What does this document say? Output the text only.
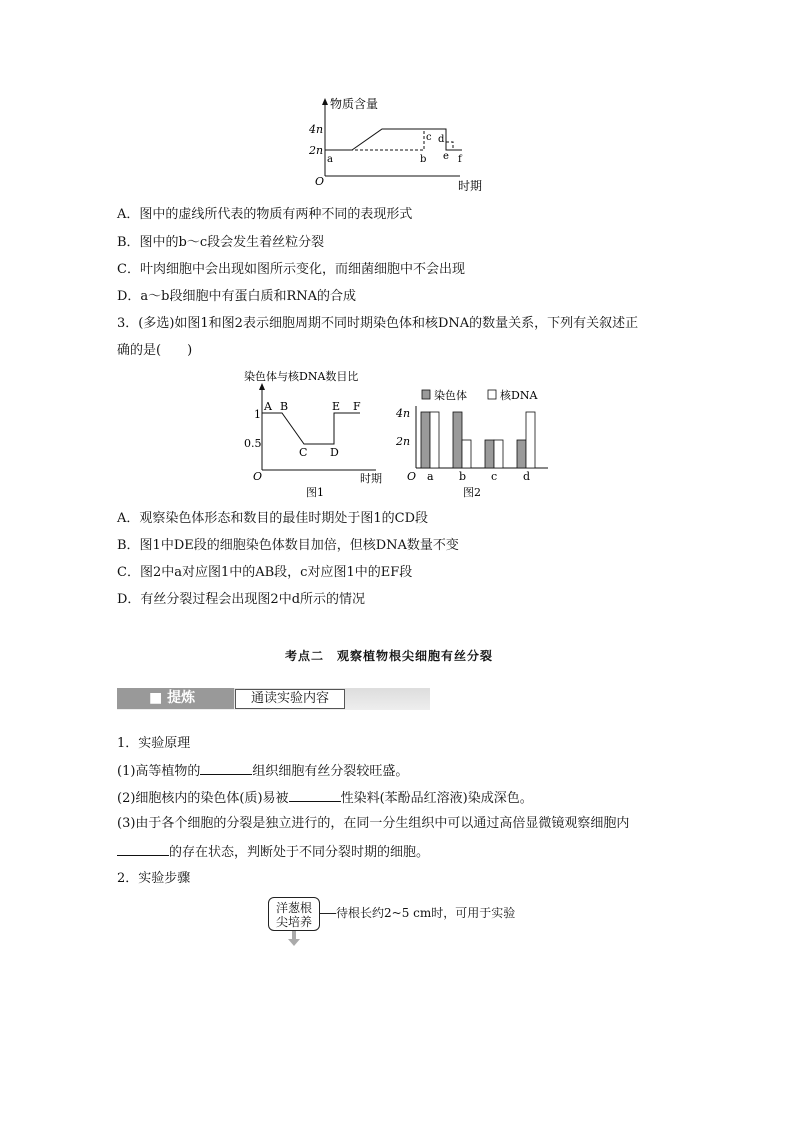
物质含量
时期
O
4n
2n
a	b
c d
e f
A．图中的虚线所代表的物质有两种不同的表现形式
B．图中的b～c段会发生着丝粒分裂
C．叶肉细胞中会出现如图所示变化，而细菌细胞中不会出现
D．a～b段细胞中有蛋白质和RNA的合成
3．(多选)如图1和图2表示细胞周期不同时期染色体和核DNA的数量关系，下列有关叙述正
确的是(　　)
染色体与核DNA数目比
1
0.5
O	时期
A B
C D
E F
图1
染色体	核DNA
4n
2n
O a b c d
图2
A．观察染色体形态和数目的最佳时期处于图1的CD段
B．图1中DE段的细胞染色体数目加倍，但核DNA数量不变
C．图2中a对应图1中的AB段，c对应图1中的EF段
D．有丝分裂过程会出现图2中d所示的情况
考点二　观察植物根尖细胞有丝分裂
■ 提炼	通读实验内容
1．实验原理
(1)高等植物的	组织细胞有丝分裂较旺盛。
(2)细胞核内的染色体(质)易被	性染料(苯酚品红溶液)染成深色。
(3)由于各个细胞的分裂是独立进行的，在同一分生组织中可以通过高倍显微镜观察细胞内
的存在状态，判断处于不同分裂时期的细胞。
2．实验步骤
洋葱根
尖培养
待根长约2~5 cm时，可用于实验
